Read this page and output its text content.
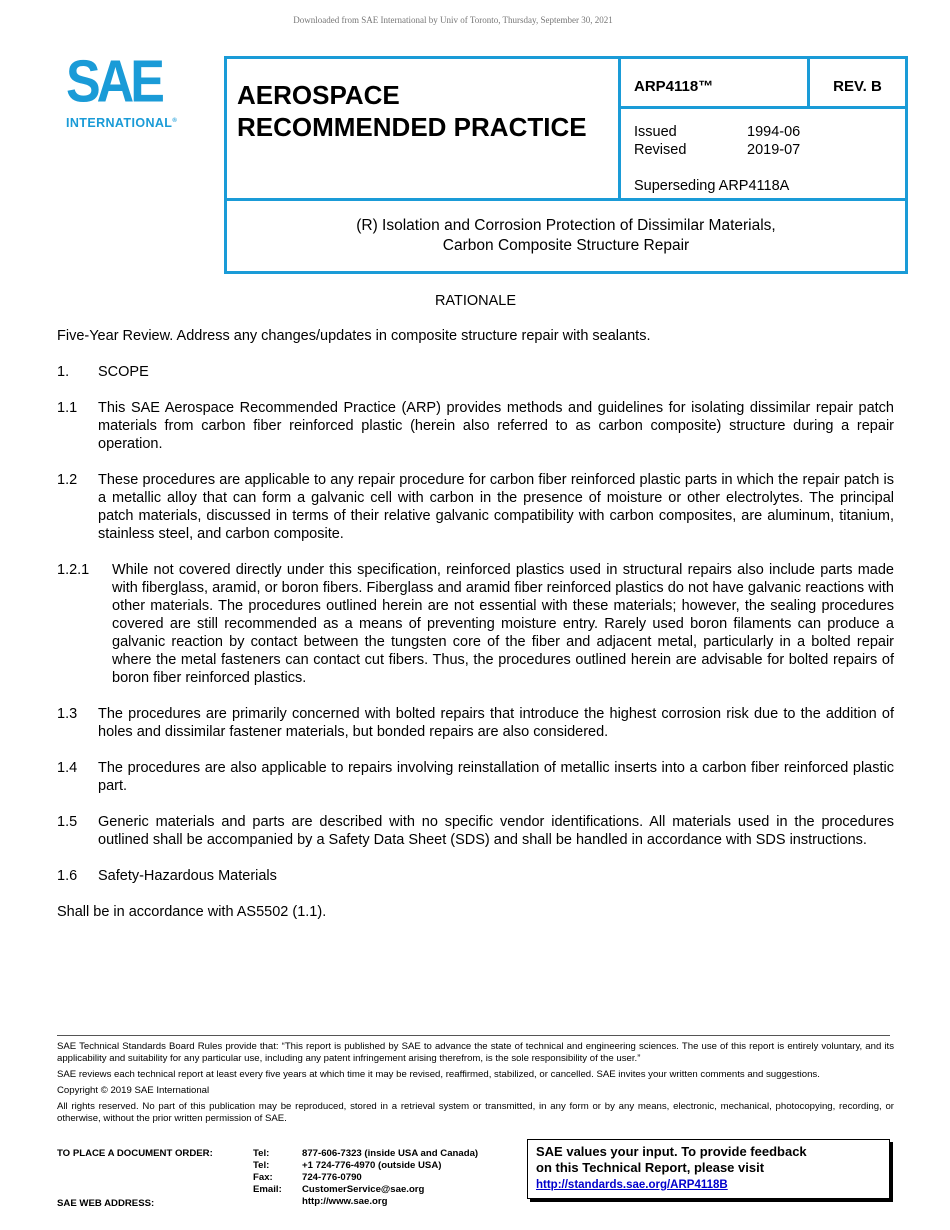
Downloaded from SAE International by Univ of Toronto, Thursday, September 30, 2021
SAE
INTERNATIONAL®
AEROSPACE
RECOMMENDED PRACTICE
ARP4118™	REV. B
Issued	1994-06
Revised	2019-07
Superseding ARP4118A
(R) Isolation and Corrosion Protection of Dissimilar Materials,
Carbon Composite Structure Repair
RATIONALE
Five-Year Review. Address any changes/updates in composite structure repair with sealants.
1.	SCOPE
1.1	This SAE Aerospace Recommended Practice (ARP) provides methods and guidelines for isolating dissimilar repair patch materials from carbon fiber reinforced plastic (herein also referred to as carbon composite) structure during a repair operation.
1.2	These procedures are applicable to any repair procedure for carbon fiber reinforced plastic parts in which the repair patch is a metallic alloy that can form a galvanic cell with carbon in the presence of moisture or other electrolytes. The principal patch materials, discussed in terms of their relative galvanic compatibility with carbon composites, are aluminum, titanium, stainless steel, and carbon composite.
1.2.1	While not covered directly under this specification, reinforced plastics used in structural repairs also include parts made with fiberglass, aramid, or boron fibers. Fiberglass and aramid fiber reinforced plastics do not have galvanic reactions with other materials. The procedures outlined herein are not essential with these materials; however, the sealing procedures covered are still recommended as a means of preventing moisture entry. Rarely used boron filaments can produce a galvanic reaction by contact between the tungsten core of the fiber and adjacent metal, particularly in a bolted repair where the metal fasteners can contact cut fibers. Thus, the procedures outlined herein are advisable for bolted repairs of boron fiber reinforced plastics.
1.3	The procedures are primarily concerned with bolted repairs that introduce the highest corrosion risk due to the addition of holes and dissimilar fastener materials, but bonded repairs are also considered.
1.4	The procedures are also applicable to repairs involving reinstallation of metallic inserts into a carbon fiber reinforced plastic part.
1.5	Generic materials and parts are described with no specific vendor identifications. All materials used in the procedures outlined shall be accompanied by a Safety Data Sheet (SDS) and shall be handled in accordance with SDS instructions.
1.6	Safety-Hazardous Materials
Shall be in accordance with AS5502 (1.1).

SAE Technical Standards Board Rules provide that: “This report is published by SAE to advance the state of technical and engineering sciences. The use of this report is entirely voluntary, and its applicability and suitability for any particular use, including any patent infringement arising therefrom, is the sole responsibility of the user.”

SAE reviews each technical report at least every five years at which time it may be revised, reaffirmed, stabilized, or cancelled. SAE invites your written comments and suggestions.

Copyright © 2019 SAE International

All rights reserved. No part of this publication may be reproduced, stored in a retrieval system or transmitted, in any form or by any means, electronic, mechanical, photocopying, recording, or otherwise, without the prior written permission of SAE.

TO PLACE A DOCUMENT ORDER:
SAE WEB ADDRESS:
Tel:	877-606-7323 (inside USA and Canada)
Tel:	+1 724-776-4970 (outside USA)
Fax:	724-776-0790
Email:	CustomerService@sae.org
http://www.sae.org
SAE values your input. To provide feedback
on this Technical Report, please visit
http://standards.sae.org/ARP4118B
